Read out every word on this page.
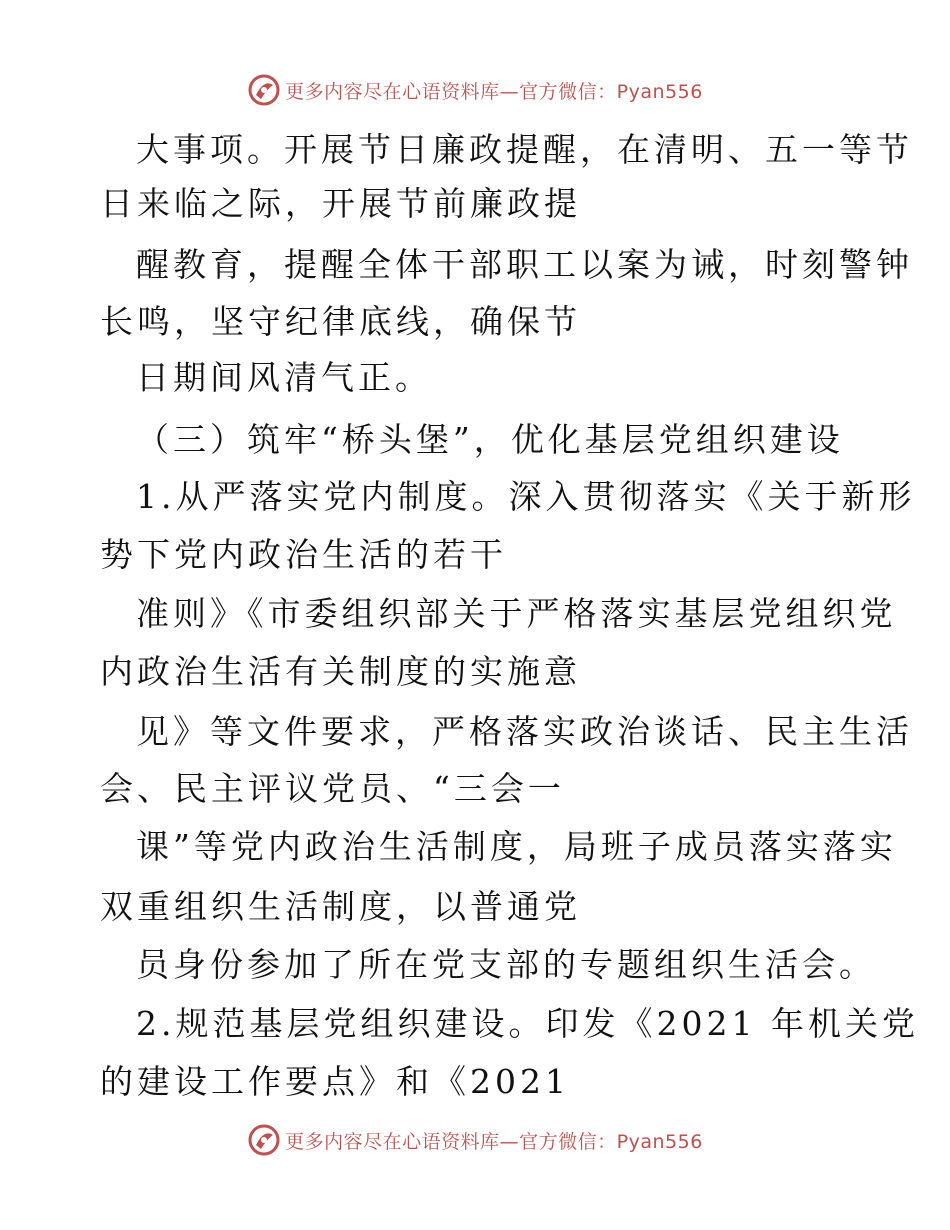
更多内容尽在心语资料库—官方微信：Pyan556
大事项。开展节日廉政提醒，在清明、五一等节
日来临之际，开展节前廉政提
醒教育，提醒全体干部职工以案为诫，时刻警钟
长鸣，坚守纪律底线，确保节
日期间风清气正。
（三）筑牢“桥头堡”，优化基层党组织建设
1.从严落实党内制度。深入贯彻落实《关于新形
势下党内政治生活的若干
准则》《市委组织部关于严格落实基层党组织党
内政治生活有关制度的实施意
见》等文件要求，严格落实政治谈话、民主生活
会、民主评议党员、“三会一
课”等党内政治生活制度，局班子成员落实落实
双重组织生活制度，以普通党
员身份参加了所在党支部的专题组织生活会。
2.规范基层党组织建设。印发《2021 年机关党
的建设工作要点》和《2021
更多内容尽在心语资料库—官方微信：Pyan556
